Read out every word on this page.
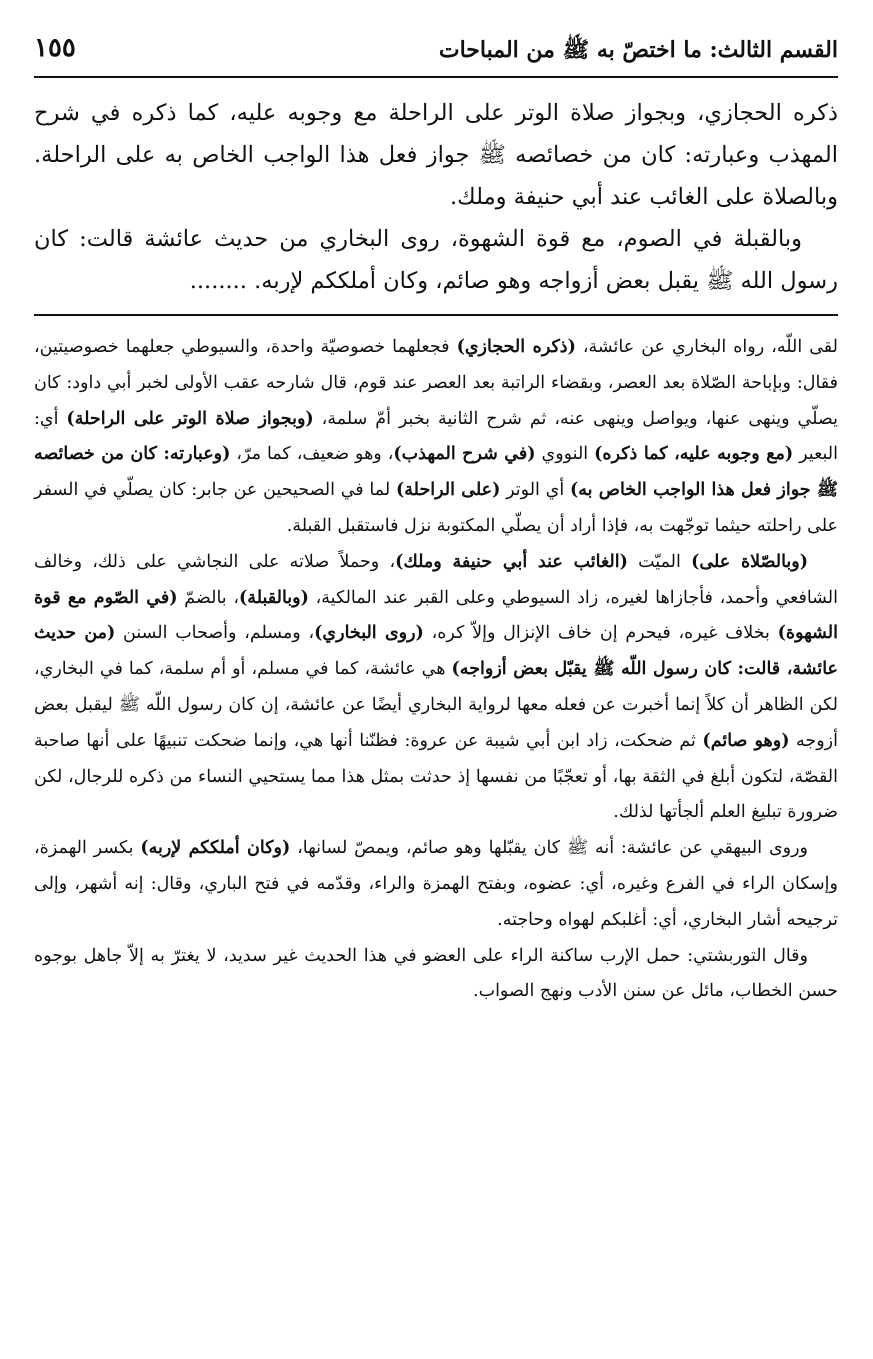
القسم الثالث: ما اختصّ به ﷺ من المباحات
١٥٥

ذكره الحجازي، وبجواز صلاة الوتر على الراحلة مع وجوبه عليه، كما ذكره في شرح المهذب وعبارته: كان من خصائصه ﷺ جواز فعل هذا الواجب الخاص به على الراحلة. وبالصلاة على الغائب عند أبي حنيفة وملك.

وبالقبلة في الصوم، مع قوة الشهوة، روى البخاري من حديث عائشة قالت: كان رسول الله ﷺ يقبل بعض أزواجه وهو صائم، وكان أملككم لإربه. ........

لقى اللّه، رواه البخاري عن عائشة، (ذكره الحجازي) فجعلهما خصوصيّة واحدة، والسيوطي جعلهما خصوصيتين، فقال: وبإباحة الصّلاة بعد العصر، وبقضاء الراتبة بعد العصر عند قوم، قال شارحه عقب الأولى لخبر أبي داود: كان يصلّي وينهى عنها، ويواصل وينهى عنه، ثم شرح الثانية بخبر أمّ سلمة، (وبجواز صلاة الوتر على الراحلة) أي: البعير (مع وجوبه عليه، كما ذكره) النووي (في شرح المهذب)، وهو ضعيف، كما مرّ، (وعبارته: كان من خصائصه ﷺ جواز فعل هذا الواجب الخاص به) أي الوتر (على الراحلة) لما في الصحيحين عن جابر: كان يصلّي في السفر على راحلته حيثما توجّهت به، فإذا أراد أن يصلّي المكتوبة نزل فاستقبل القبلة.

(وبالصّلاة على) الميّت (الغائب عند أبي حنيفة وملك)، وحملاً صلاته على النجاشي على ذلك، وخالف الشافعي وأحمد، فأجازاها لغيره، زاد السيوطي وعلى القبر عند المالكية، (وبالقبلة)، بالضمّ (في الصّوم مع قوة الشهوة) بخلاف غيره، فيحرم إن خاف الإنزال وإلاّ كره، (روى البخاري)، ومسلم، وأصحاب السنن (من حديث عائشة، قالت: كان رسول اللّه ﷺ يقبّل بعض أزواجه) هي عائشة، كما في مسلم، أو أم سلمة، كما في البخاري، لكن الظاهر أن كلاً إنما أخبرت عن فعله معها لرواية البخاري أيضًا عن عائشة، إن كان رسول اللّه ﷺ ليقبل بعض أزوجه (وهو صائم) ثم ضحكت، زاد ابن أبي شيبة عن عروة: فظنّنا أنها هي، وإنما ضحكت تنبيهًا على أنها صاحبة القصّة، لتكون أبلغ في الثقة بها، أو تعجّبًا من نفسها إذ حدثت بمثل هذا مما يستحيي النساء من ذكره للرجال، لكن ضرورة تبليغ العلم ألجأتها لذلك.

وروى البيهقي عن عائشة: أنه ﷺ كان يقبّلها وهو صائم، ويمصّ لسانها، (وكان أملككم لإربه) بكسر الهمزة، وإسكان الراء في الفرع وغيره، أي: عضوه، وبفتح الهمزة والراء، وقدّمه في فتح الباري، وقال: إنه أشهر، وإلى ترجيحه أشار البخاري، أي: أغلبكم لهواه وحاجته.

وقال التوربشتي: حمل الإرب ساكنة الراء على العضو في هذا الحديث غير سديد، لا يغترّ به إلاّ جاهل بوجوه حسن الخطاب، مائل عن سنن الأدب ونهج الصواب.
